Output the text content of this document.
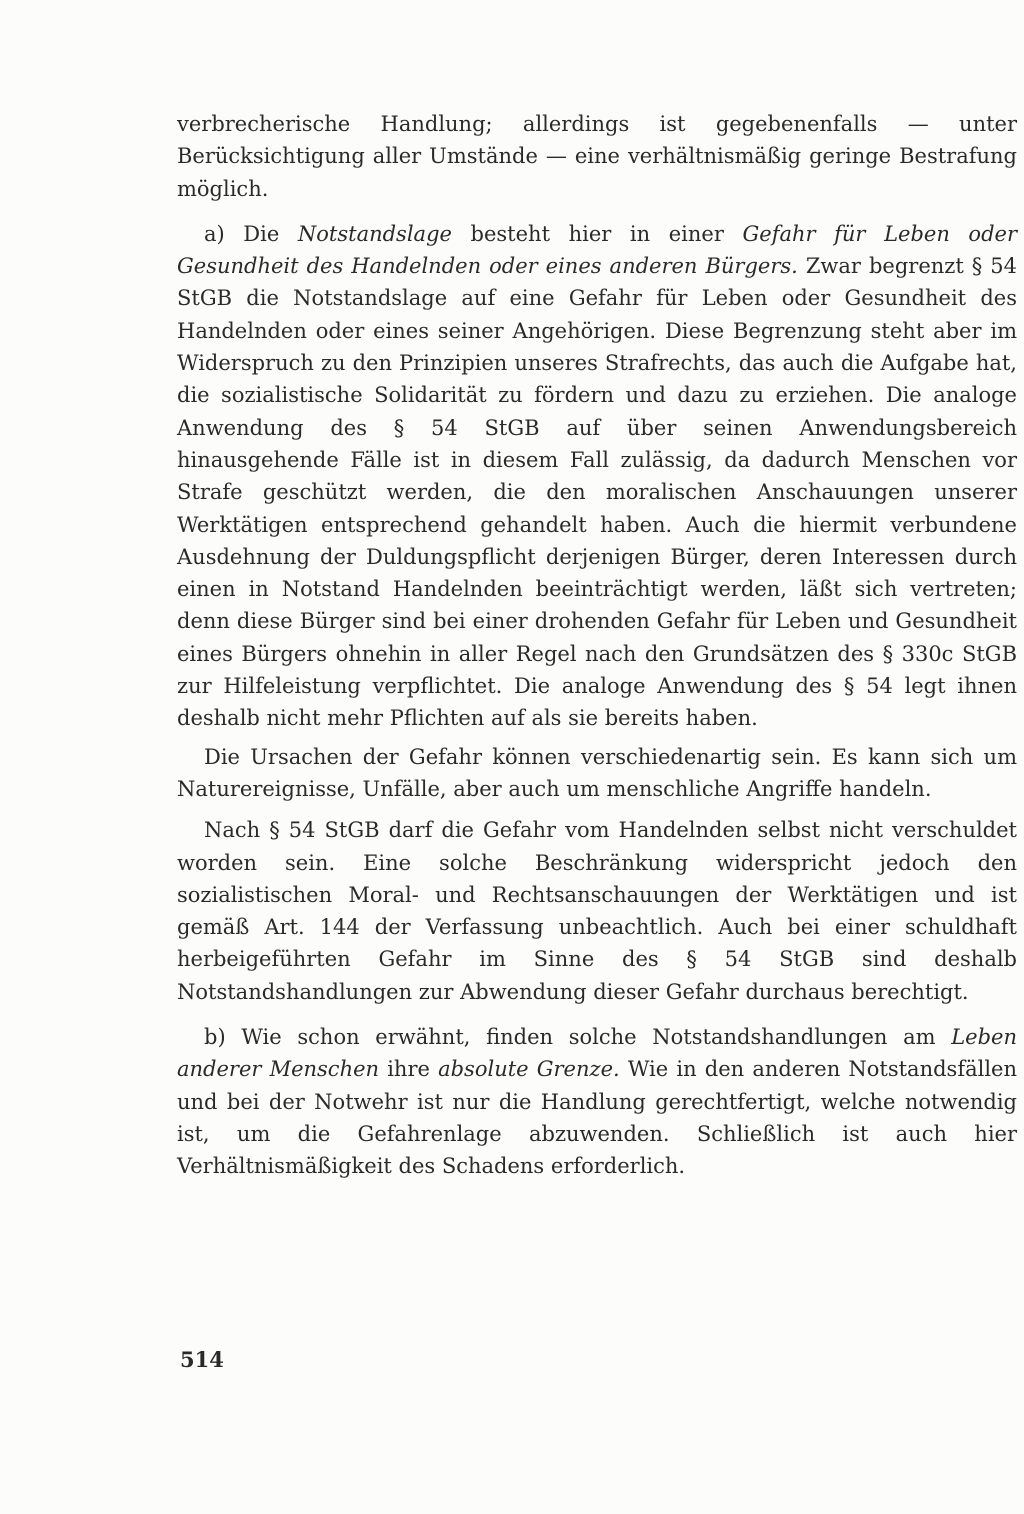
verbrecherische Handlung; allerdings ist gegebenenfalls — unter Berücksichtigung aller Umstände — eine verhältnismäßig geringe Bestrafung möglich.

a) Die Notstandslage besteht hier in einer Gefahr für Leben oder Gesundheit des Handelnden oder eines anderen Bürgers. Zwar begrenzt § 54 StGB die Notstandslage auf eine Gefahr für Leben oder Gesundheit des Handelnden oder eines seiner Angehörigen. Diese Begrenzung steht aber im Widerspruch zu den Prinzipien unseres Strafrechts, das auch die Aufgabe hat, die sozialistische Solidarität zu fördern und dazu zu erziehen. Die analoge Anwendung des § 54 StGB auf über seinen Anwendungsbereich hinausgehende Fälle ist in diesem Fall zulässig, da dadurch Menschen vor Strafe geschützt werden, die den moralischen Anschauungen unserer Werktätigen entsprechend gehandelt haben. Auch die hiermit verbundene Ausdehnung der Duldungspflicht derjenigen Bürger, deren Interessen durch einen in Notstand Handelnden beeinträchtigt werden, läßt sich vertreten; denn diese Bürger sind bei einer drohenden Gefahr für Leben und Gesundheit eines Bürgers ohnehin in aller Regel nach den Grundsätzen des § 330c StGB zur Hilfeleistung verpflichtet. Die analoge Anwendung des § 54 legt ihnen deshalb nicht mehr Pflichten auf als sie bereits haben.

Die Ursachen der Gefahr können verschiedenartig sein. Es kann sich um Naturereignisse, Unfälle, aber auch um menschliche Angriffe handeln.

Nach § 54 StGB darf die Gefahr vom Handelnden selbst nicht verschuldet worden sein. Eine solche Beschränkung widerspricht jedoch den sozialistischen Moral- und Rechtsanschauungen der Werktätigen und ist gemäß Art. 144 der Verfassung unbeachtlich. Auch bei einer schuldhaft herbeigeführten Gefahr im Sinne des § 54 StGB sind deshalb Notstandshandlungen zur Abwendung dieser Gefahr durchaus berechtigt.

b) Wie schon erwähnt, finden solche Notstandshandlungen am Leben anderer Menschen ihre absolute Grenze. Wie in den anderen Notstandsfällen und bei der Notwehr ist nur die Handlung gerechtfertigt, welche notwendig ist, um die Gefahrenlage abzuwenden. Schließlich ist auch hier Verhältnismäßigkeit des Schadens erforderlich.

514
